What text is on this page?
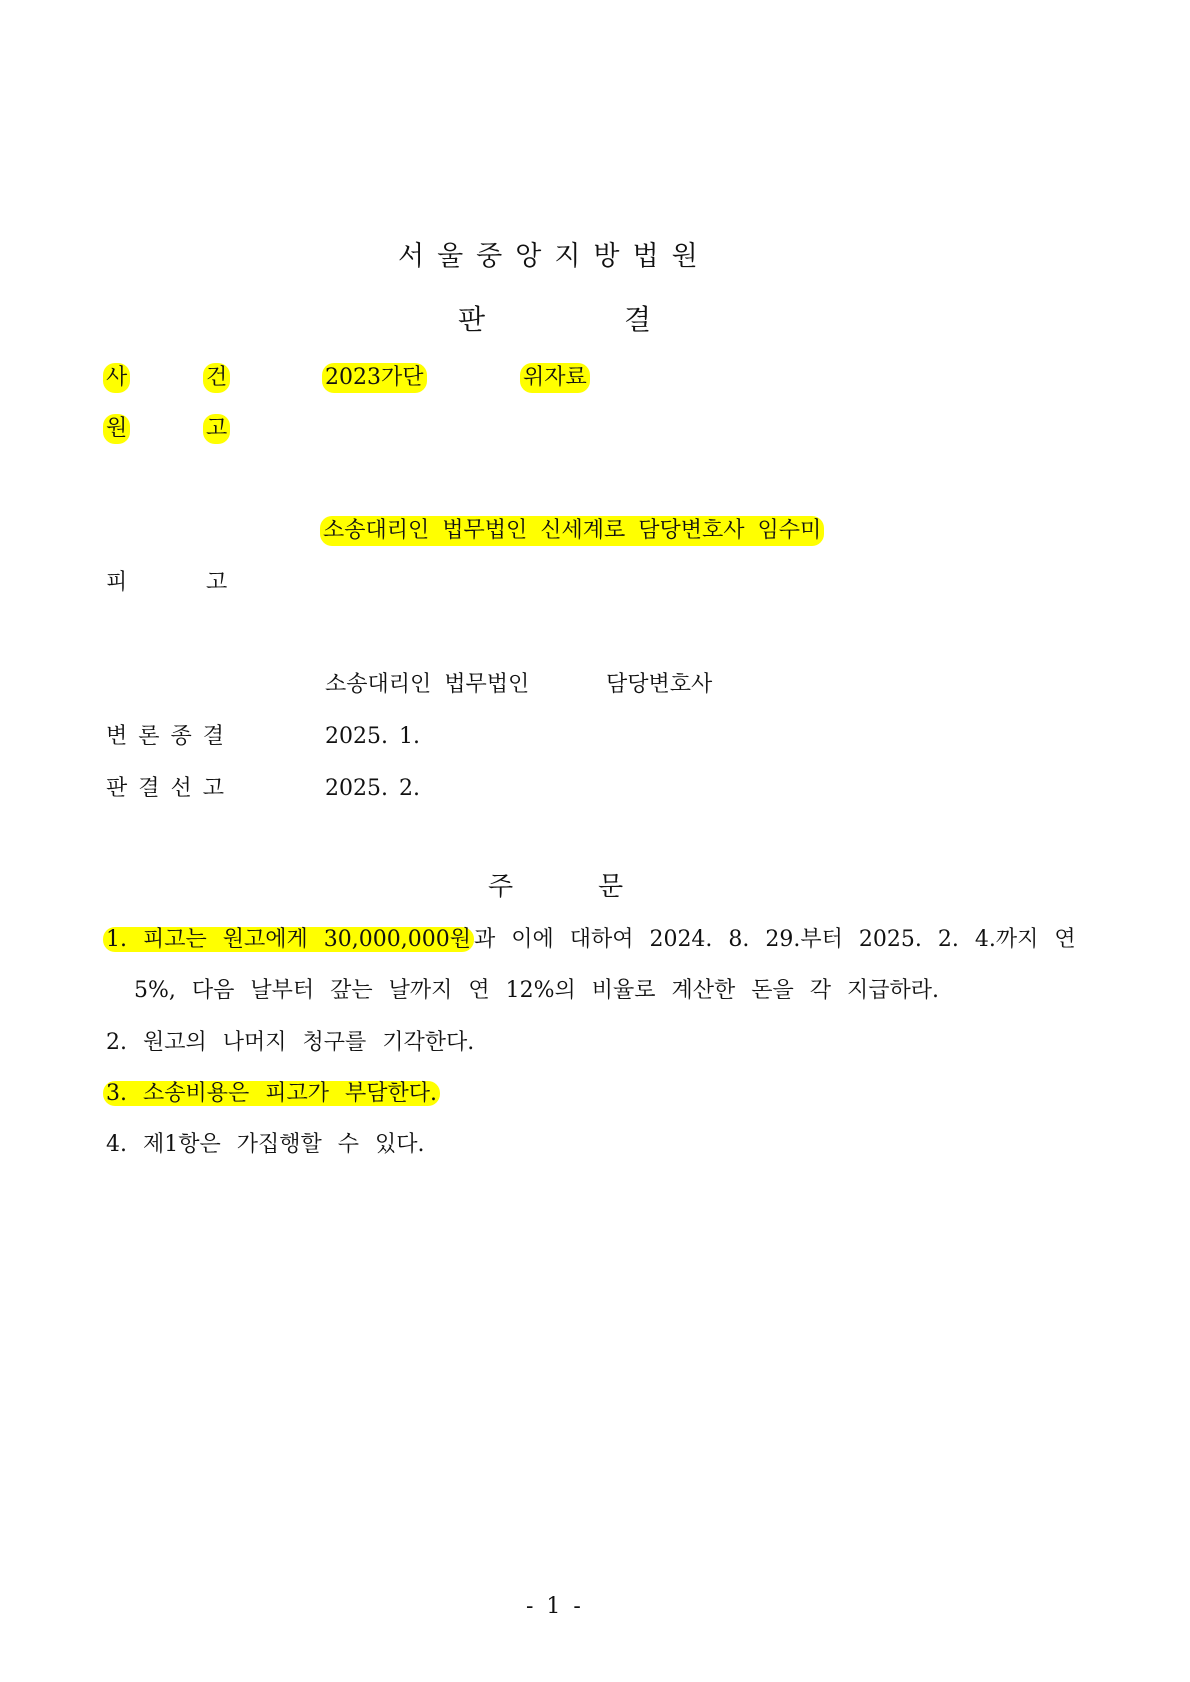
서울중앙지방법원
판	결
사	건	2023가단	위자료
원	고
소송대리인 법무법인 신세계로 담당변호사 임수미
피	고
소송대리인 법무법인	담당변호사
변 론 종 결	2025. 1.
판 결 선 고	2025. 2.
주	문
1. 피고는 원고에게 30,000,000원 과 이에 대하여 2024. 8. 29.부터 2025. 2. 4.까지 연
5%, 다음 날부터 갚는 날까지 연 12%의 비율로 계산한 돈을 각 지급하라.
2. 원고의 나머지 청구를 기각한다.
3. 소송비용은 피고가 부담한다.
4. 제1항은 가집행할 수 있다.
- 1 -
